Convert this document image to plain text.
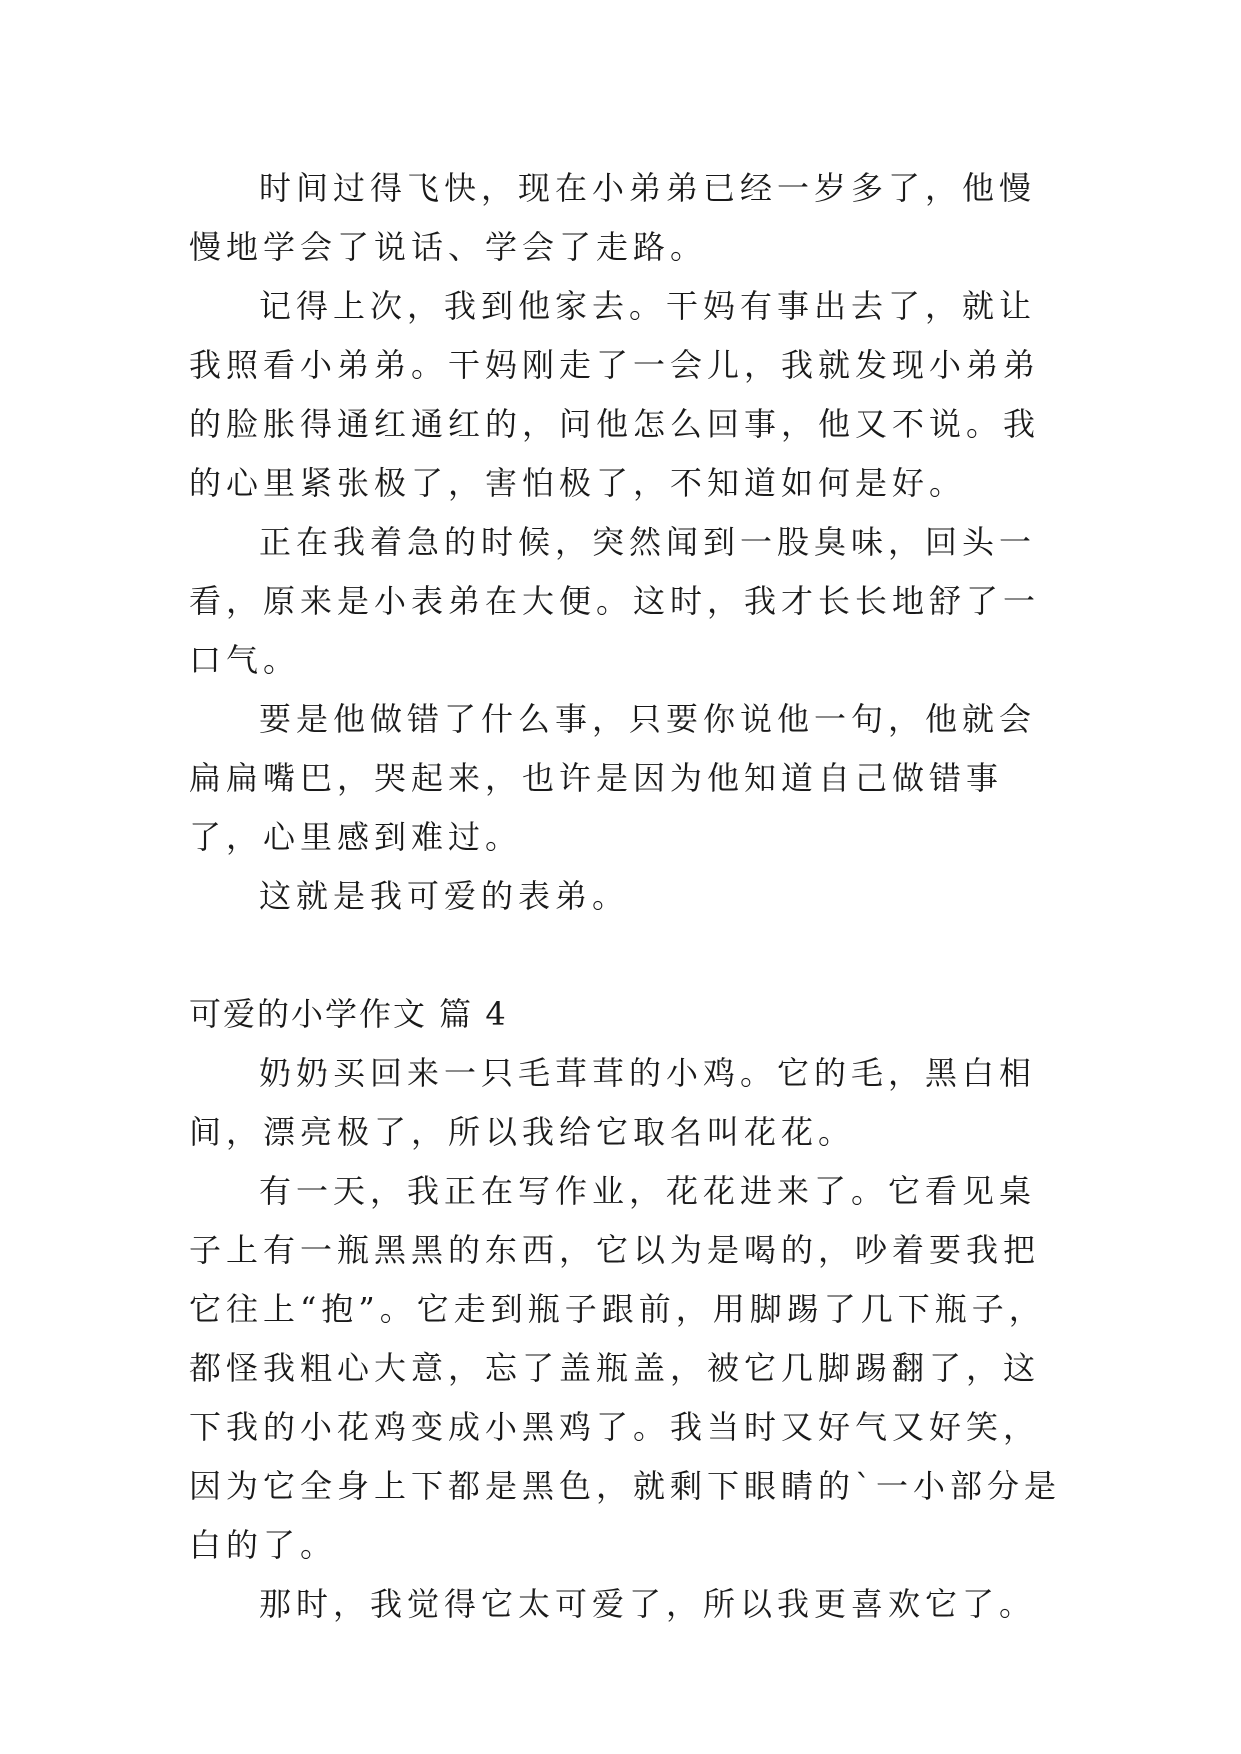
时间过得飞快，现在小弟弟已经一岁多了，他慢慢地学会了说话、学会了走路。

记得上次，我到他家去。干妈有事出去了，就让我照看小弟弟。干妈刚走了一会儿，我就发现小弟弟的脸胀得通红通红的，问他怎么回事，他又不说。我的心里紧张极了，害怕极了，不知道如何是好。

正在我着急的时候，突然闻到一股臭味，回头一看，原来是小表弟在大便。这时，我才长长地舒了一口气。

要是他做错了什么事，只要你说他一句，他就会扁扁嘴巴，哭起来，也许是因为他知道自己做错事了，心里感到难过。

这就是我可爱的表弟。

可爱的小学作文 篇 4

奶奶买回来一只毛茸茸的小鸡。它的毛，黑白相间，漂亮极了，所以我给它取名叫花花。

有一天，我正在写作业，花花进来了。它看见桌子上有一瓶黑黑的东西，它以为是喝的，吵着要我把它往上“抱”。它走到瓶子跟前，用脚踢了几下瓶子，都怪我粗心大意，忘了盖瓶盖，被它几脚踢翻了，这下我的小花鸡变成小黑鸡了。我当时又好气又好笑，因为它全身上下都是黑色，就剩下眼睛的`一小部分是白的了。

那时，我觉得它太可爱了，所以我更喜欢它了。
